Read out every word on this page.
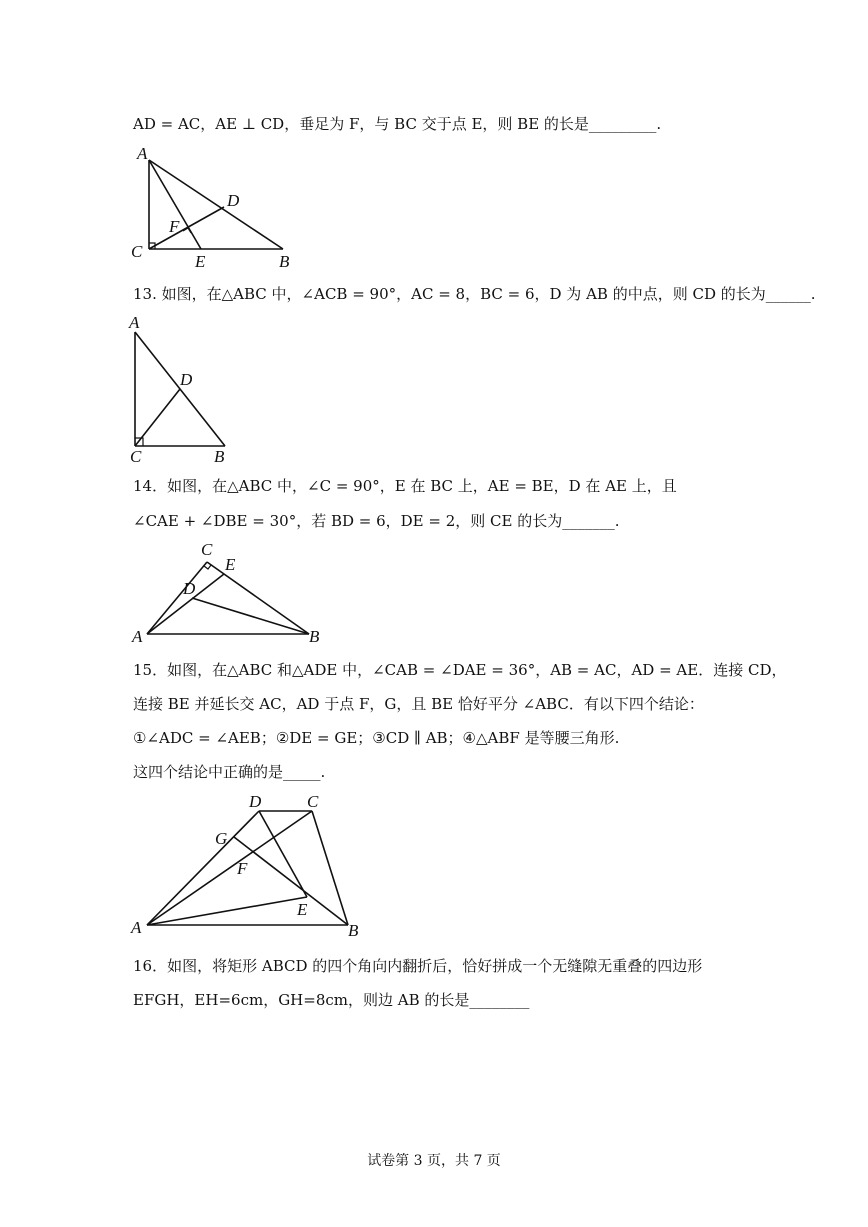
AD = AC，AE ⊥ CD，垂足为 F，与 BC 交于点 E，则 BE 的长是_________.
A
C
E	B
D
F
13. 如图，在△ABC 中，∠ACB = 90°，AC = 8，BC = 6，D 为 AB 的中点，则 CD 的长为______.
A
D
C	B
14．如图，在△ABC 中，∠C = 90°，E 在 BC 上，AE = BE，D 在 AE 上，且
∠CAE + ∠DBE = 30°，若 BD = 6，DE = 2，则 CE 的长为_______.
C
E
D
A	B
15．如图，在△ABC 和△ADE 中，∠CAB = ∠DAE = 36°，AB = AC，AD = AE．连接 CD，
连接 BE 并延长交 AC，AD 于点 F，G，且 BE 恰好平分 ∠ABC．有以下四个结论：
①∠ADC = ∠AEB；②DE = GE；③CD ∥ AB；④△ABF 是等腰三角形.
这四个结论中正确的是_____.
D	C
G
F
E
A	B
16．如图，将矩形 ABCD 的四个角向内翻折后，恰好拼成一个无缝隙无重叠的四边形
EFGH，EH=6cm，GH=8cm，则边 AB 的长是________
试卷第 3 页，共 7 页
